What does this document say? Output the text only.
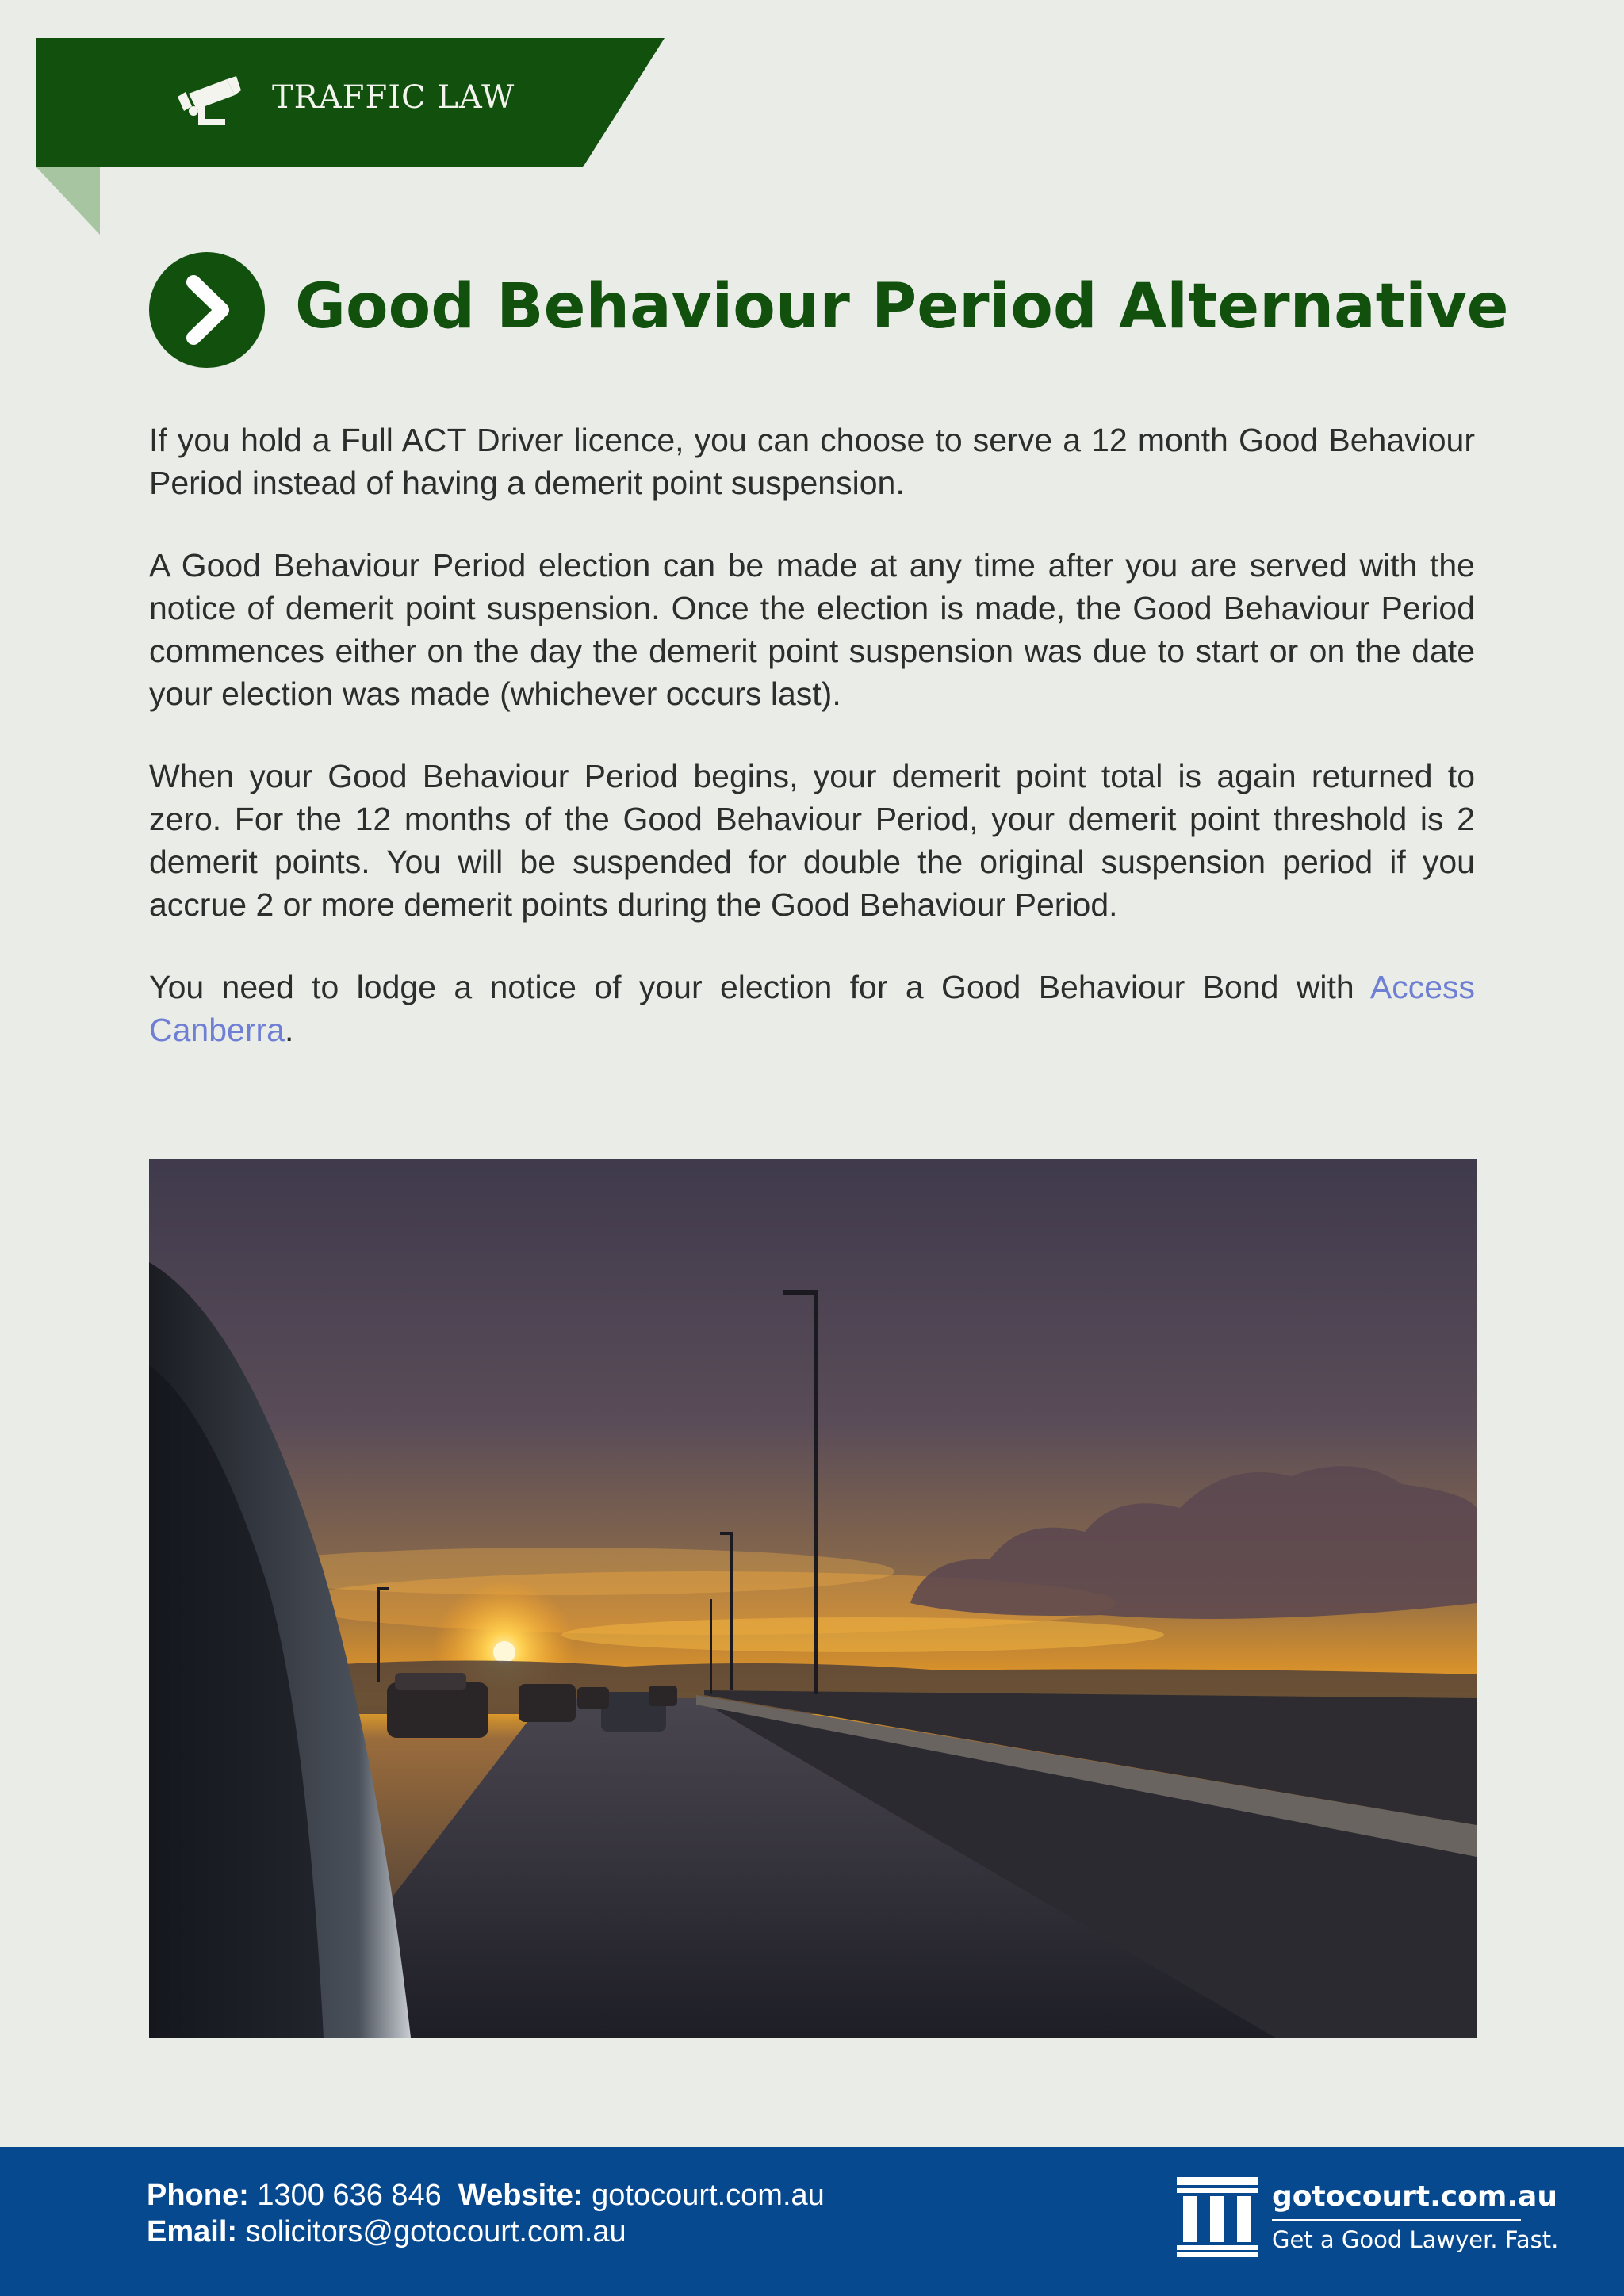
TRAFFIC LAW
Good Behaviour Period Alternative

If you hold a Full ACT Driver licence, you can choose to serve a 12 month Good Behaviour Period instead of having a demerit point suspension.

A Good Behaviour Period election can be made at any time after you are served with the notice of demerit point suspension. Once the election is made, the Good Behaviour Period commences either on the day the demerit point suspension was due to start or on the date your election was made (whichever occurs last).

When your Good Behaviour Period begins, your demerit point total is again returned to zero. For the 12 months of the Good Behaviour Period, your demerit point threshold is 2 demerit points. You will be suspended for double the original suspension period if you accrue 2 or more demerit points during the Good Behaviour Period.

You need to lodge a notice of your election for a Good Behaviour Bond with Access Canberra.

Phone: 1300 636 846 Website: gotocourt.com.au
Email: solicitors@gotocourt.com.au
gotocourt.com.au
Get a Good Lawyer. Fast.
